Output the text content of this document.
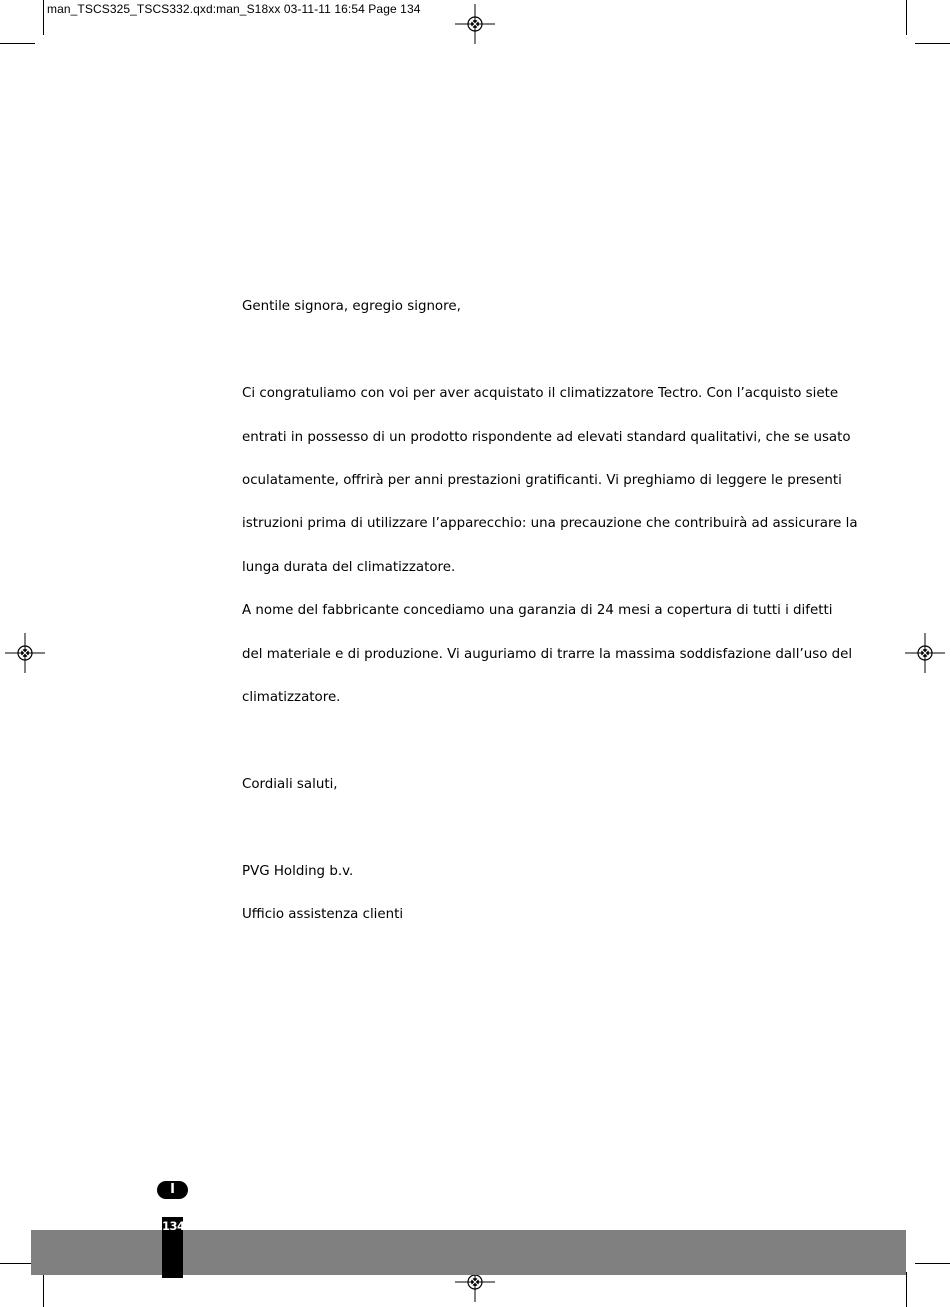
man_TSCS325_TSCS332.qxd:man_S18xx 03-11-11 16:54 Page 134
Gentile signora, egregio signore,
Ci congratuliamo con voi per aver acquistato il climatizzatore Tectro. Con l’acquisto siete
entrati in possesso di un prodotto rispondente ad elevati standard qualitativi, che se usato
oculatamente, offrirà per anni prestazioni gratificanti. Vi preghiamo di leggere le presenti
istruzioni prima di utilizzare l’apparecchio: una precauzione che contribuirà ad assicurare la
lunga durata del climatizzatore.
A nome del fabbricante concediamo una garanzia di 24 mesi a copertura di tutti i difetti
del materiale e di produzione. Vi auguriamo di trarre la massima soddisfazione dall’uso del
climatizzatore.
Cordiali saluti,
PVG Holding b.v.
Ufficio assistenza clienti
I
134
